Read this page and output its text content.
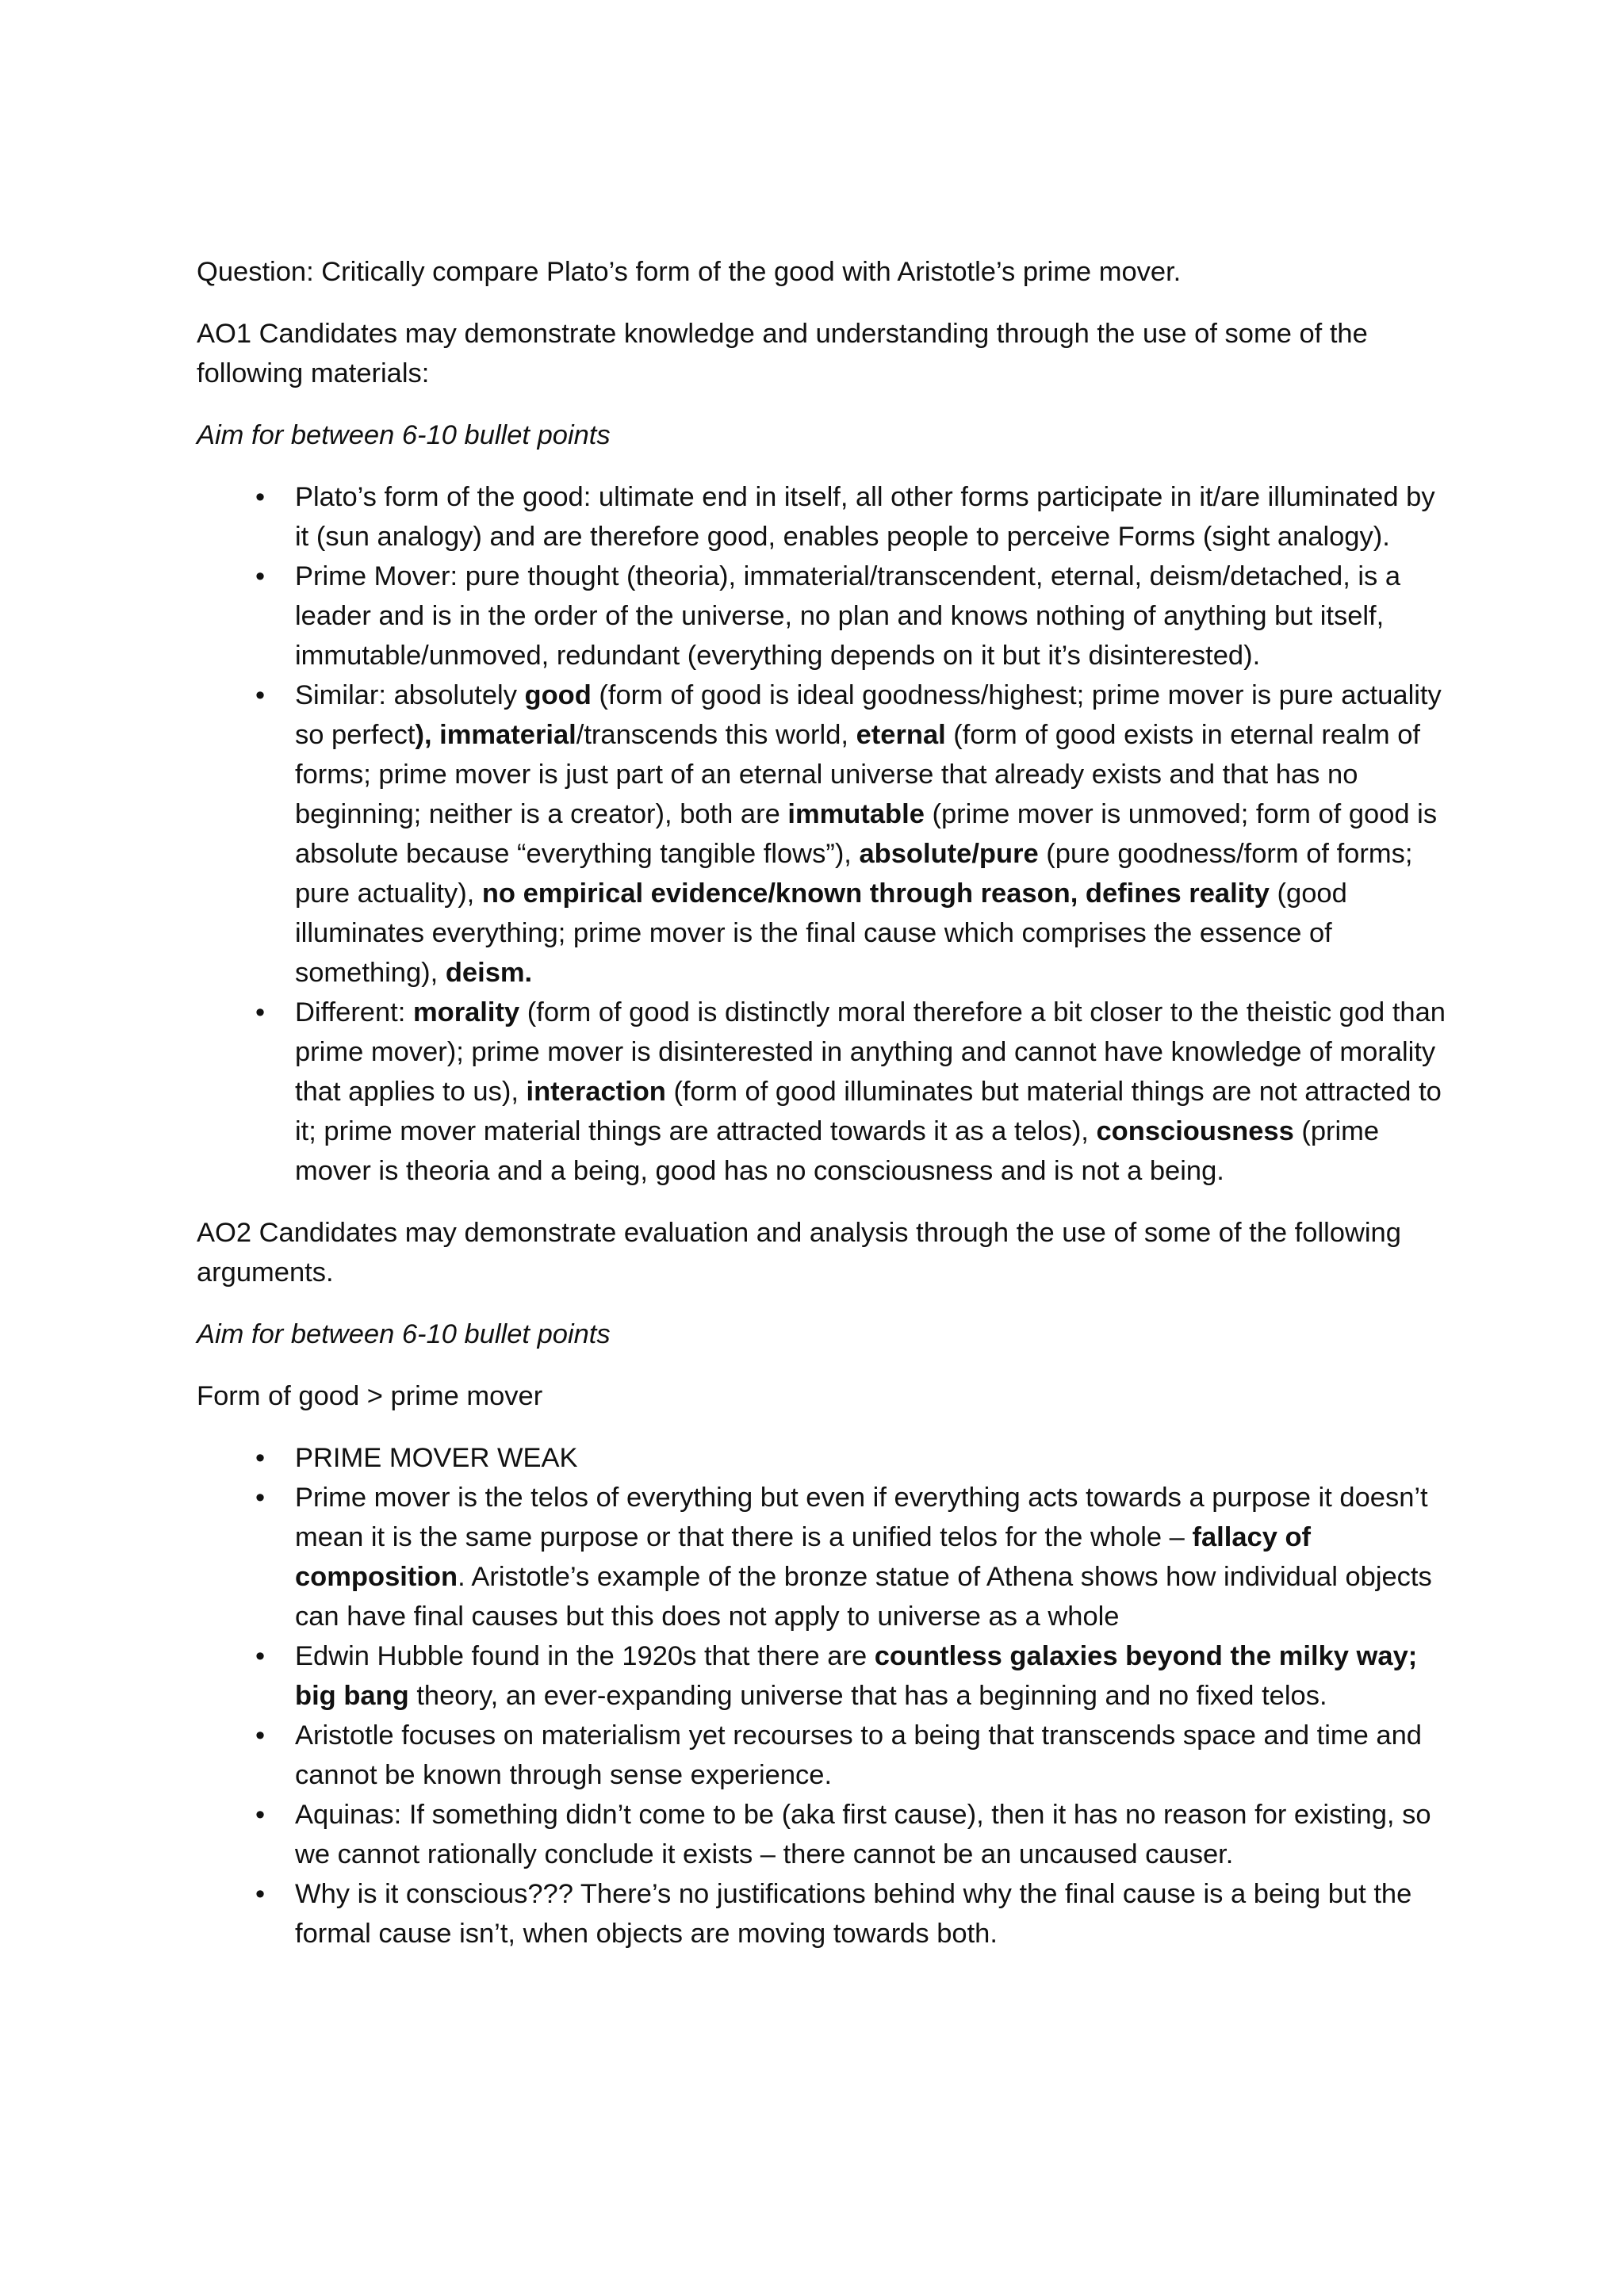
Question: Critically compare Plato’s form of the good with Aristotle’s prime mover.

AO1 Candidates may demonstrate knowledge and understanding through the use of some of the following materials:

Aim for between 6-10 bullet points

• Plato’s form of the good: ultimate end in itself, all other forms participate in it/are illuminated by it (sun analogy) and are therefore good, enables people to perceive Forms (sight analogy).
• Prime Mover: pure thought (theoria), immaterial/transcendent, eternal, deism/detached, is a leader and is in the order of the universe, no plan and knows nothing of anything but itself, immutable/unmoved, redundant (everything depends on it but it’s disinterested).
• Similar: absolutely good (form of good is ideal goodness/highest; prime mover is pure actuality so perfect), immaterial/transcends this world, eternal (form of good exists in eternal realm of forms; prime mover is just part of an eternal universe that already exists and that has no beginning; neither is a creator), both are immutable (prime mover is unmoved; form of good is absolute because “everything tangible flows”), absolute/pure (pure goodness/form of forms; pure actuality), no empirical evidence/known through reason, defines reality (good illuminates everything; prime mover is the final cause which comprises the essence of something), deism.
• Different: morality (form of good is distinctly moral therefore a bit closer to the theistic god than prime mover); prime mover is disinterested in anything and cannot have knowledge of morality that applies to us), interaction (form of good illuminates but material things are not attracted to it; prime mover material things are attracted towards it as a telos), consciousness (prime mover is theoria and a being, good has no consciousness and is not a being.

AO2 Candidates may demonstrate evaluation and analysis through the use of some of the following arguments.

Aim for between 6-10 bullet points

Form of good > prime mover

• PRIME MOVER WEAK
• Prime mover is the telos of everything but even if everything acts towards a purpose it doesn’t mean it is the same purpose or that there is a unified telos for the whole – fallacy of composition. Aristotle’s example of the bronze statue of Athena shows how individual objects can have final causes but this does not apply to universe as a whole
• Edwin Hubble found in the 1920s that there are countless galaxies beyond the milky way; big bang theory, an ever-expanding universe that has a beginning and no fixed telos.
• Aristotle focuses on materialism yet recourses to a being that transcends space and time and cannot be known through sense experience.
• Aquinas: If something didn’t come to be (aka first cause), then it has no reason for existing, so we cannot rationally conclude it exists – there cannot be an uncaused causer.
• Why is it conscious??? There’s no justifications behind why the final cause is a being but the formal cause isn’t, when objects are moving towards both.
